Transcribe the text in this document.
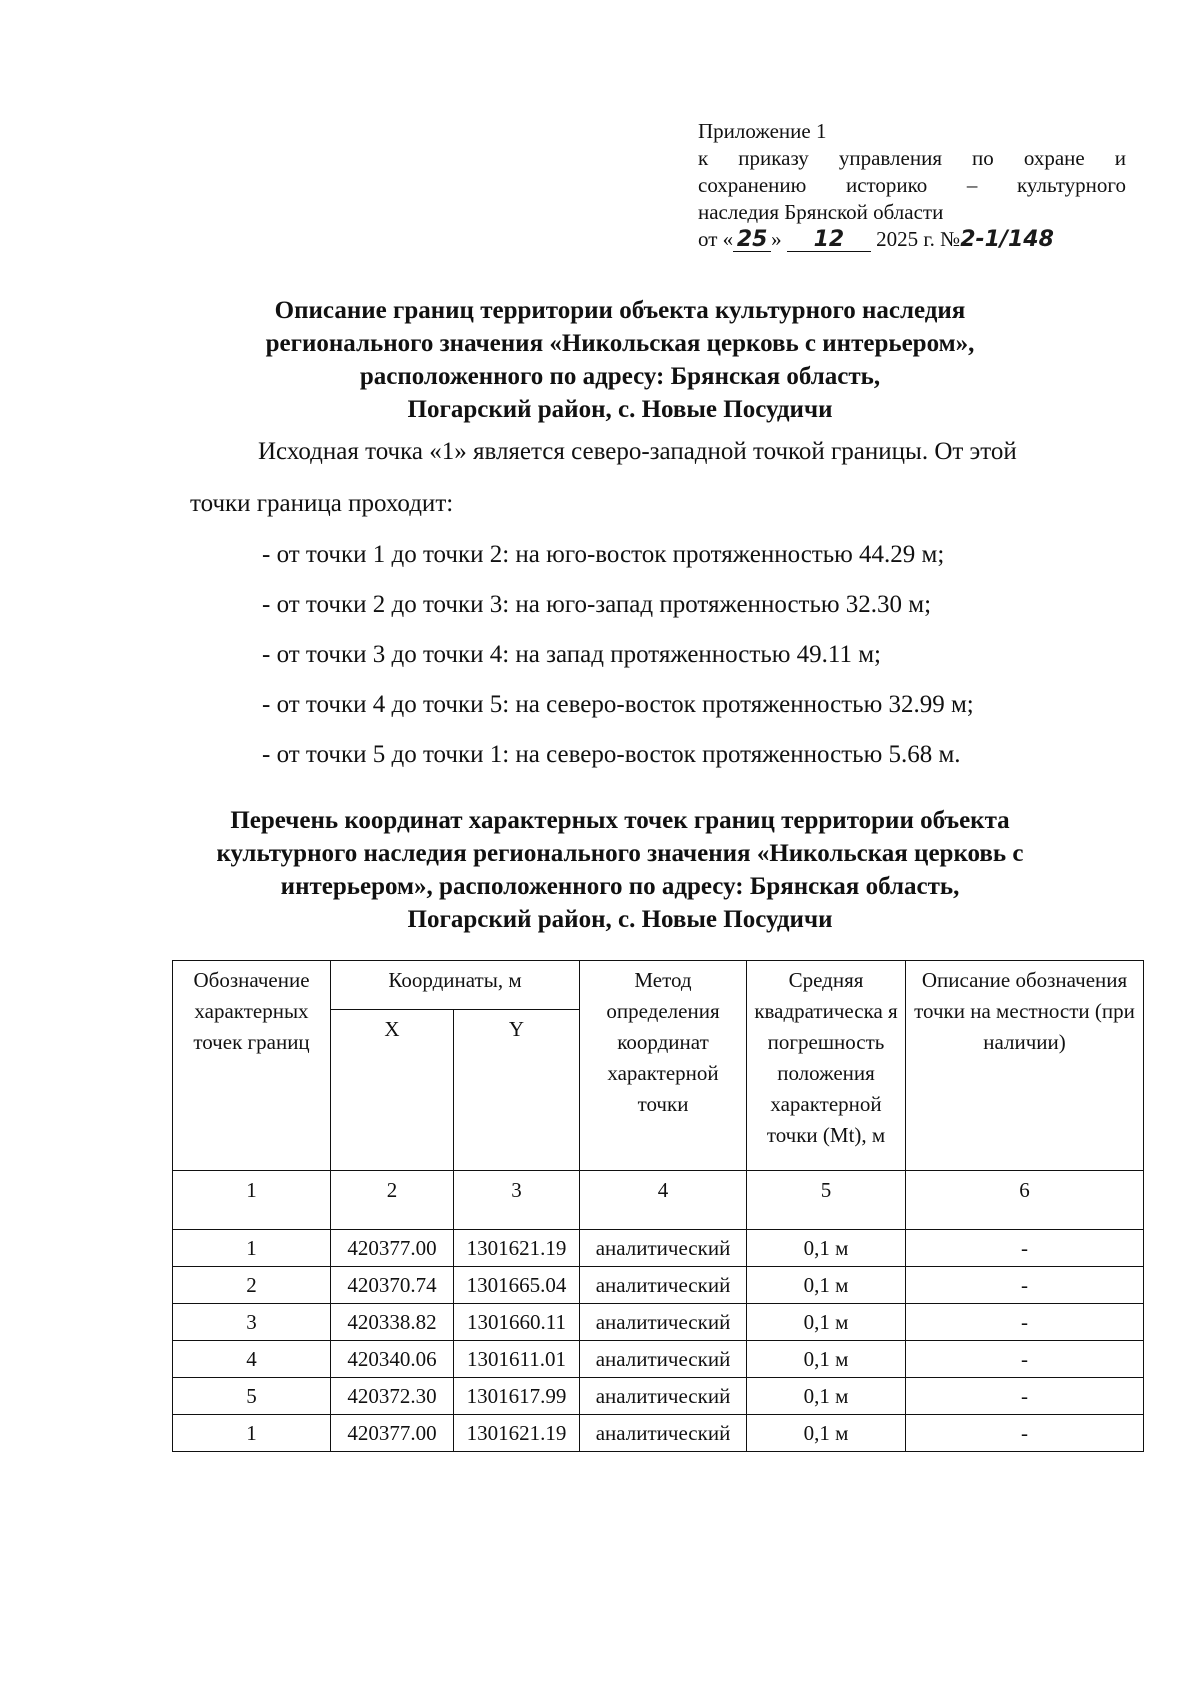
Приложение 1
к приказу управления по охране и
сохранению историко – культурного
наследия Брянской области
от « 25 » 12 2025 г. №2-1/148
Описание границ территории объекта культурного наследия
регионального значения «Никольская церковь с интерьером»,
расположенного по адресу: Брянская область,
Погарский район, с. Новые Посудичи
Исходная точка «1» является северо-западной точкой границы. От этой
точки граница проходит:
- от точки 1 до точки 2: на юго-восток протяженностью 44.29 м;
- от точки 2 до точки 3: на юго-запад протяженностью 32.30 м;
- от точки 3 до точки 4: на запад протяженностью 49.11 м;
- от точки 4 до точки 5: на северо-восток протяженностью 32.99 м;
- от точки 5 до точки 1: на северо-восток протяженностью 5.68 м.
Перечень координат характерных точек границ территории объекта
культурного наследия регионального значения «Никольская церковь с
интерьером», расположенного по адресу: Брянская область,
Погарский район, с. Новые Посудичи
Обозначение характерных точек границ	Координаты, м		Метод определения координат характерной точки	Средняя квадратическа я погрешность положения характерной точки (Mt), м	Описание обозначения точки на местности (при наличии)
	X	Y			
1	2	3	4	5	6
1	420377.00	1301621.19	аналитический	0,1 м	-
2	420370.74	1301665.04	аналитический	0,1 м	-
3	420338.82	1301660.11	аналитический	0,1 м	-
4	420340.06	1301611.01	аналитический	0,1 м	-
5	420372.30	1301617.99	аналитический	0,1 м	-
1	420377.00	1301621.19	аналитический	0,1 м	-
